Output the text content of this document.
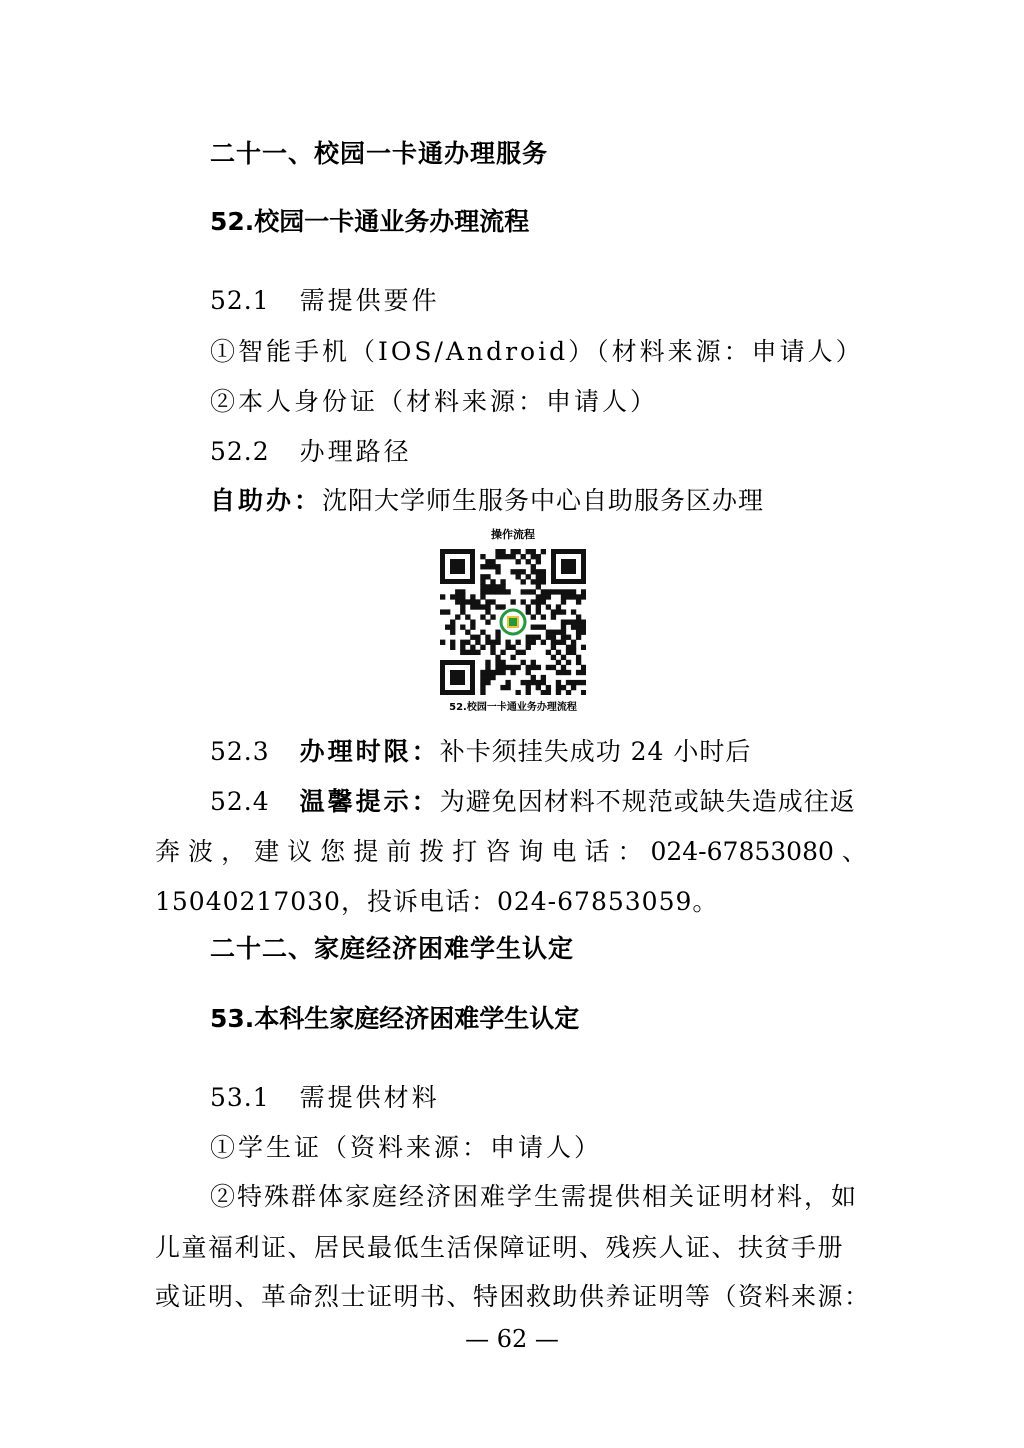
二十一、校园一卡通办理服务
52.校园一卡通业务办理流程
52.1 需提供要件
①智能手机（IOS/Android）（材料来源：申请人）
②本人身份证（材料来源：申请人）
52.2 办理路径
自助办：沈阳大学师生服务中心自助服务区办理
操作流程
52.校园一卡通业务办理流程
52.3 办理时限：补卡须挂失成功 24 小时后
52.4 温馨提示：为避免因材料不规范或缺失造成往返
奔 波 ， 建 议 您 提 前 拨 打 咨 询 电 话 ： 024-67853080 、
15040217030，投诉电话：024-67853059。
二十二、家庭经济困难学生认定
53.本科生家庭经济困难学生认定
53.1 需提供材料
①学生证（资料来源：申请人）
②特殊群体家庭经济困难学生需提供相关证明材料，如
儿童福利证、居民最低生活保障证明、残疾人证、扶贫手册
或证明、革命烈士证明书、特困救助供养证明等（资料来源：
— 62 —
